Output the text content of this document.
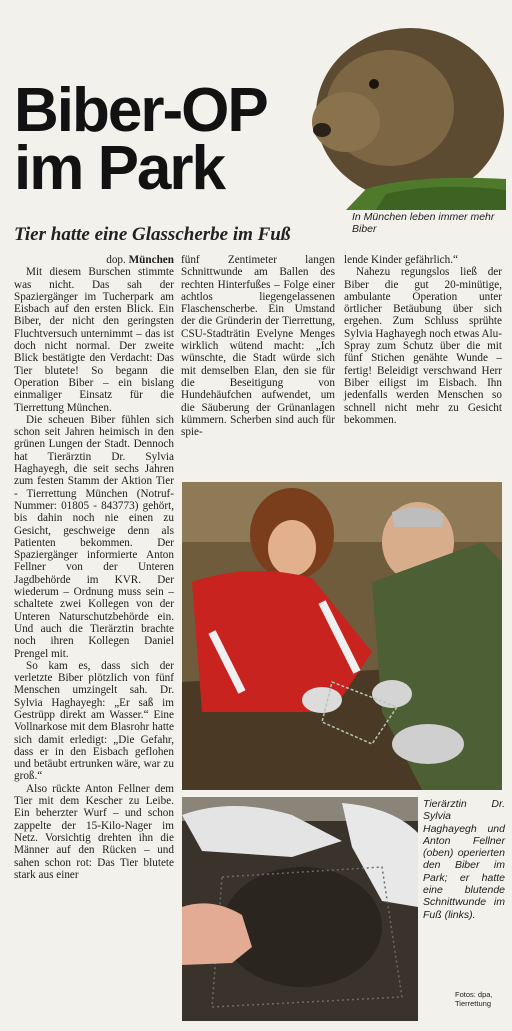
Biber-OP
im Park
In München leben immer mehr Biber
Tier hatte eine Glasscherbe im Fuß
dop. München

Mit diesem Burschen stimmte was nicht. Das sah der Spaziergänger im Tucherpark am Eisbach auf den ersten Blick. Ein Biber, der nicht den geringsten Fluchtversuch unternimmt – das ist doch nicht normal. Der zweite Blick bestätigte den Verdacht: Das Tier blutete! So begann die Operation Biber – ein bislang einmaliger Einsatz für die Tierrettung München.

Die scheuen Biber fühlen sich schon seit Jahren heimisch in den grünen Lungen der Stadt. Dennoch hat Tierärztin Dr. Sylvia Haghayegh, die seit sechs Jahren zum festen Stamm der Aktion Tier - Tierrettung München (Notruf-Nummer: 01805 - 843773) gehört, bis dahin noch nie einen zu Gesicht, geschweige denn als Patienten bekommen. Der Spaziergänger informierte Anton Fellner von der Unteren Jagdbehörde im KVR. Der wiederum – Ordnung muss sein – schaltete zwei Kollegen von der Unteren Naturschutzbehörde ein. Und auch die Tierärztin brachte noch ihren Kollegen Daniel Prengel mit.

So kam es, dass sich der verletzte Biber plötzlich von fünf Menschen umzingelt sah. Dr. Sylvia Haghayegh: „Er saß im Gestrüpp direkt am Wasser.“ Eine Vollnarkose mit dem Blasrohr hatte sich damit erledigt: „Die Gefahr, dass er in den Eisbach geflohen und betäubt ertrunken wäre, war zu groß.“

Also rückte Anton Fellner dem Tier mit dem Kescher zu Leibe. Ein beherzter Wurf – und schon zappelte der 15-Kilo-Nager im Netz. Vorsichtig drehten ihn die Männer auf den Rücken – und sahen schon rot: Das Tier blutete stark aus einer

fünf Zentimeter langen Schnittwunde am Ballen des rechten Hinterfußes – Folge einer achtlos liegengelassenen Flaschenscherbe. Ein Umstand der die Gründerin der Tierrettung, CSU-Stadträtin Evelyne Menges wirklich wütend macht: „Ich wünschte, die Stadt würde sich mit demselben Elan, den sie für die Beseitigung von Hundehäufchen aufwendet, um die Säuberung der Grünanlagen kümmern. Scherben sind auch für spie-

lende Kinder gefährlich.“

Nahezu regungslos ließ der Biber die gut 20-minütige, ambulante Operation unter örtlicher Betäubung über sich ergehen. Zum Schluss sprühte Sylvia Haghayegh noch etwas Alu-Spray zum Schutz über die mit fünf Stichen genähte Wunde – fertig! Beleidigt verschwand Herr Biber eiligst im Eisbach. Ihn jedenfalls werden Menschen so schnell nicht mehr zu Gesicht bekommen.

Tierärztin Dr. Sylvia Haghayegh und Anton Fellner (oben) operierten den Biber im Park; er hatte eine blutende Schnittwunde im Fuß (links).
Fotos: dpa,
Tierrettung
